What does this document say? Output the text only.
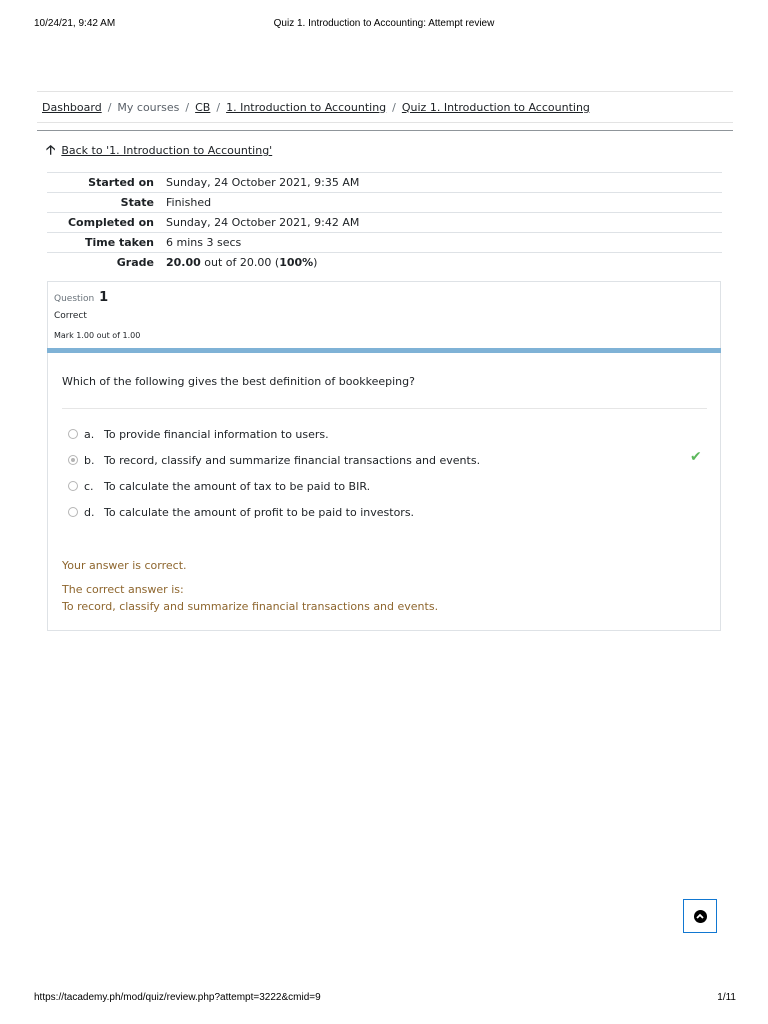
10/24/21, 9:42 AM	Quiz 1. Introduction to Accounting: Attempt review
Dashboard / My courses / CB / 1. Introduction to Accounting / Quiz 1. Introduction to Accounting
🡡 Back to '1. Introduction to Accounting'
Started on	Sunday, 24 October 2021, 9:35 AM
State	Finished
Completed on	Sunday, 24 October 2021, 9:42 AM
Time taken	6 mins 3 secs
Grade	20.00 out of 20.00 (100%)
Question 1
Correct
Mark 1.00 out of 1.00
Which of the following gives the best definition of bookkeeping?
a. To provide financial information to users.
b. To record, classify and summarize financial transactions and events.	✔
c. To calculate the amount of tax to be paid to BIR.
d. To calculate the amount of profit to be paid to investors.
Your answer is correct.
The correct answer is:
To record, classify and summarize financial transactions and events.
https://tacademy.ph/mod/quiz/review.php?attempt=3222&cmid=9	1/11
